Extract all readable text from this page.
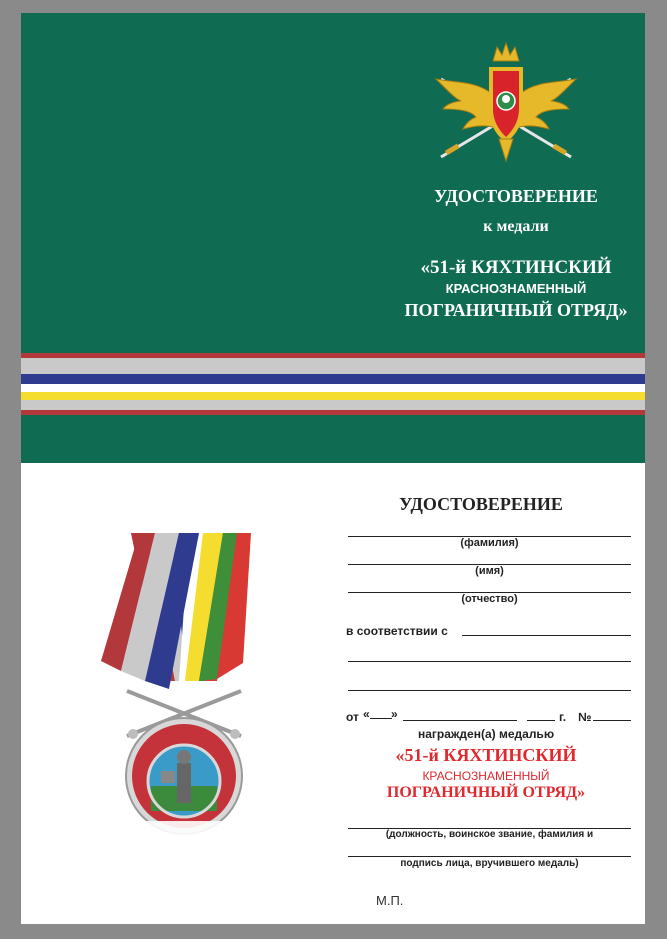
УДОСТОВЕРЕНИЕ
к медали
«51-й КЯХТИНСКИЙ
КРАСНОЗНАМЕННЫЙ
ПОГРАНИЧНЫЙ ОТРЯД»
УДОСТОВЕРЕНИЕ
(фамилия)
(имя)
(отчество)
в соответствии с
от « »	г. №
награжден(а) медалью
«51-й КЯХТИНСКИЙ
КРАСНОЗНАМЕННЫЙ
ПОГРАНИЧНЫЙ ОТРЯД»
(должность, воинское звание, фамилия и
подпись лица, вручившего медаль)
М.П.
